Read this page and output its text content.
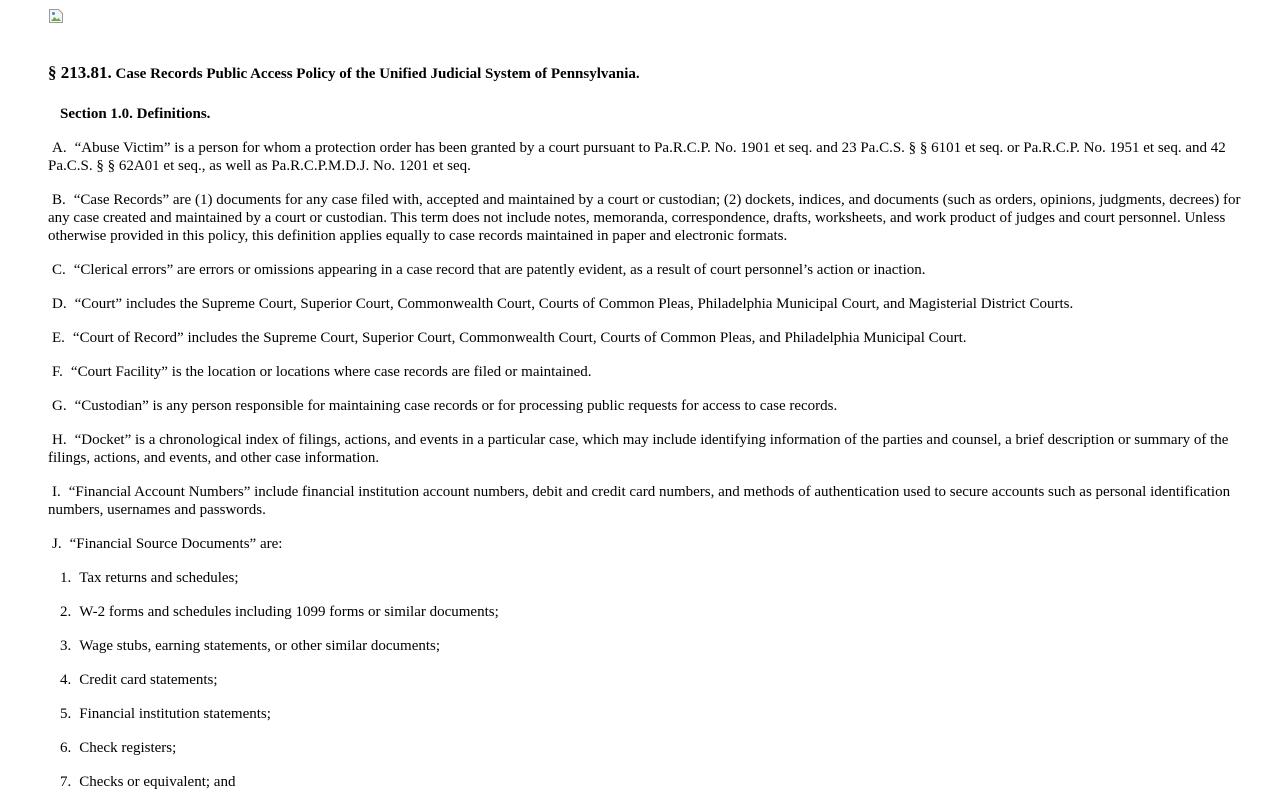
§ 213.81. Case Records Public Access Policy of the Unified Judicial System of Pennsylvania.
Section 1.0. Definitions.
A. “Abuse Victim” is a person for whom a protection order has been granted by a court pursuant to Pa.R.C.P. No. 1901 et seq. and 23 Pa.C.S. § § 6101 et seq. or Pa.R.C.P. No. 1951 et seq. and 42 Pa.C.S. § § 62A01 et seq., as well as Pa.R.C.P.M.D.J. No. 1201 et seq.
B. “Case Records” are (1) documents for any case filed with, accepted and maintained by a court or custodian; (2) dockets, indices, and documents (such as orders, opinions, judgments, decrees) for any case created and maintained by a court or custodian. This term does not include notes, memoranda, correspondence, drafts, worksheets, and work product of judges and court personnel. Unless otherwise provided in this policy, this definition applies equally to case records maintained in paper and electronic formats.
C. “Clerical errors” are errors or omissions appearing in a case record that are patently evident, as a result of court personnel’s action or inaction.
D. “Court” includes the Supreme Court, Superior Court, Commonwealth Court, Courts of Common Pleas, Philadelphia Municipal Court, and Magisterial District Courts.
E. “Court of Record” includes the Supreme Court, Superior Court, Commonwealth Court, Courts of Common Pleas, and Philadelphia Municipal Court.
F. “Court Facility” is the location or locations where case records are filed or maintained.
G. “Custodian” is any person responsible for maintaining case records or for processing public requests for access to case records.
H. “Docket” is a chronological index of filings, actions, and events in a particular case, which may include identifying information of the parties and counsel, a brief description or summary of the filings, actions, and events, and other case information.
I. “Financial Account Numbers” include financial institution account numbers, debit and credit card numbers, and methods of authentication used to secure accounts such as personal identification numbers, usernames and passwords.
J. “Financial Source Documents” are:
1. Tax returns and schedules;
2. W-2 forms and schedules including 1099 forms or similar documents;
3. Wage stubs, earning statements, or other similar documents;
4. Credit card statements;
5. Financial institution statements;
6. Check registers;
7. Checks or equivalent; and
